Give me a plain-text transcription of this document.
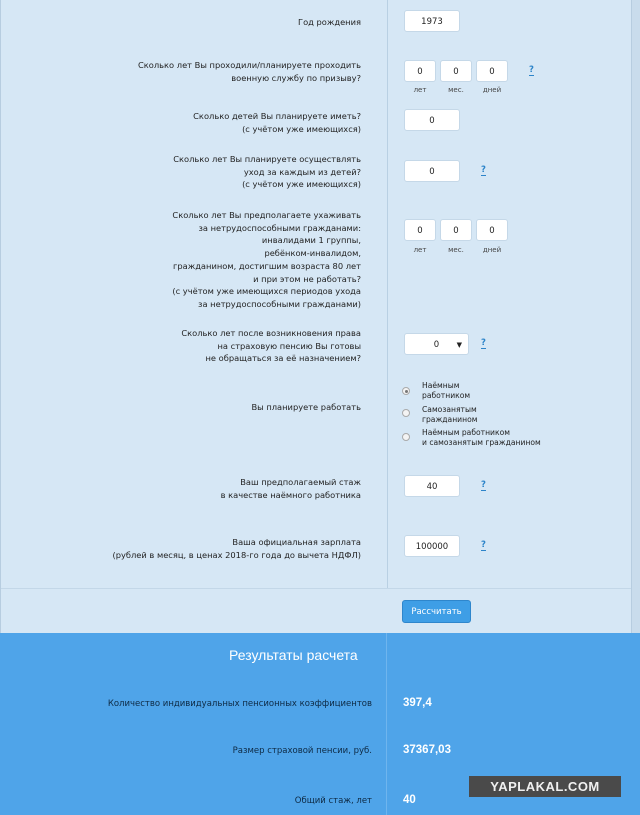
Год рождения	1973
Сколько лет Вы проходили/планируете проходить
военную службу по призыву?
0	0	0
лет	мес.	дней
?
Сколько детей Вы планируете иметь?
(с учётом уже имеющихся)
0
Сколько лет Вы планируете осуществлять
уход за каждым из детей?
(с учётом уже имеющихся)
0	?
Сколько лет Вы предполагаете ухаживать
за нетрудоспособными гражданами:
инвалидами 1 группы,
ребёнком-инвалидом,
гражданином, достигшим возраста 80 лет
и при этом не работать?
(с учётом уже имеющихся периодов ухода
за нетрудоспособными гражданами)
0	0	0
лет	мес.	дней
Сколько лет после возникновения права
на страховую пенсию Вы готовы
не обращаться за её назначением?
0 ▼ ?
Вы планируете работать
Наёмным
работником
Самозанятым
гражданином
Наёмным работником
и самозанятым гражданином
Ваш предполагаемый стаж
в качестве наёмного работника
40	?
Ваша официальная зарплата
(рублей в месяц, в ценах 2018-го года до вычета НДФЛ)
100000	?
Рассчитать
Результаты расчета
Количество индивидуальных пенсионных коэффициентов	397,4
Размер страховой пенсии, руб.	37367,03
Общий стаж, лет	40
YAPLAKAL.COM
